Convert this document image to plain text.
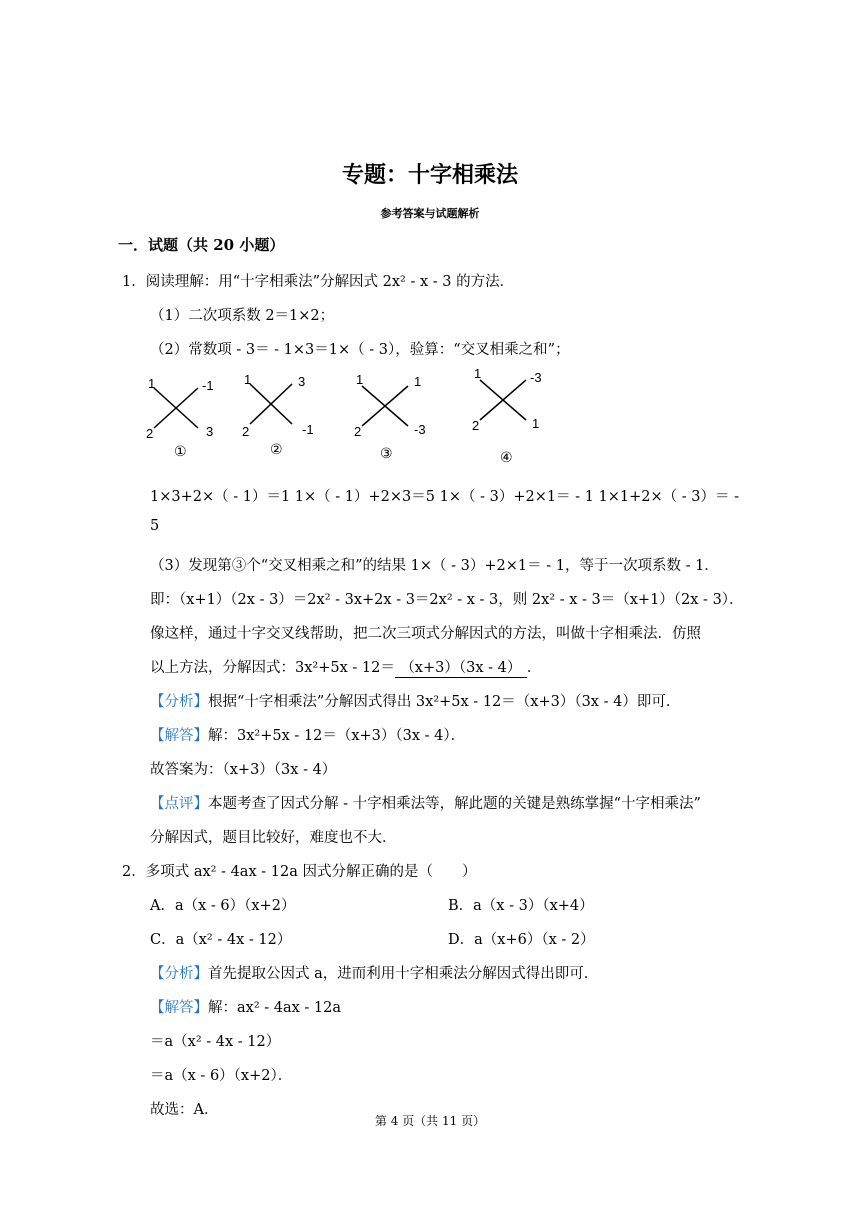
专题：十字相乘法
参考答案与试题解析
一．试题（共 20 小题）
1．阅读理解：用“十字相乘法”分解因式 2x² - x - 3 的方法．
（1）二次项系数 2＝1×2；
（2）常数项 - 3＝ - 1×3＝1×（ - 3），验算：“交叉相乘之和”；
1	-1
2	3
①
1	3
2	-1
②
1	1
2	-3
③
1	-3
2	1
④
1×3+2×（ - 1）＝1 1×（ - 1）+2×3＝5 1×（ - 3）+2×1＝ - 1 1×1+2×（ - 3）＝ -
5
（3）发现第③个“交叉相乘之和”的结果 1×（ - 3）+2×1＝ - 1，等于一次项系数 - 1．
即：（x+1）（2x - 3）＝2x² - 3x+2x - 3＝2x² - x - 3，则 2x² - x - 3＝（x+1）（2x - 3）．
像这样，通过十字交叉线帮助，把二次三项式分解因式的方法，叫做十字相乘法．仿照
以上方法，分解因式：3x²+5x - 12＝ （x+3）（3x - 4） ．
【分析】根据“十字相乘法”分解因式得出 3x²+5x - 12＝（x+3）（3x - 4）即可．
【解答】解：3x²+5x - 12＝（x+3）（3x - 4）．
故答案为：（x+3）（3x - 4）
【点评】本题考查了因式分解 - 十字相乘法等，解此题的关键是熟练掌握“十字相乘法”
分解因式，题目比较好，难度也不大．
2．多项式 ax² - 4ax - 12a 因式分解正确的是（　　）
A．a（x - 6）（x+2）	B．a（x - 3）（x+4）
C．a（x² - 4x - 12）	D．a（x+6）（x - 2）
【分析】首先提取公因式 a，进而利用十字相乘法分解因式得出即可．
【解答】解：ax² - 4ax - 12a
＝a（x² - 4x - 12）
＝a（x - 6）（x+2）．
故选：A．
第 4 页（共 11 页）
